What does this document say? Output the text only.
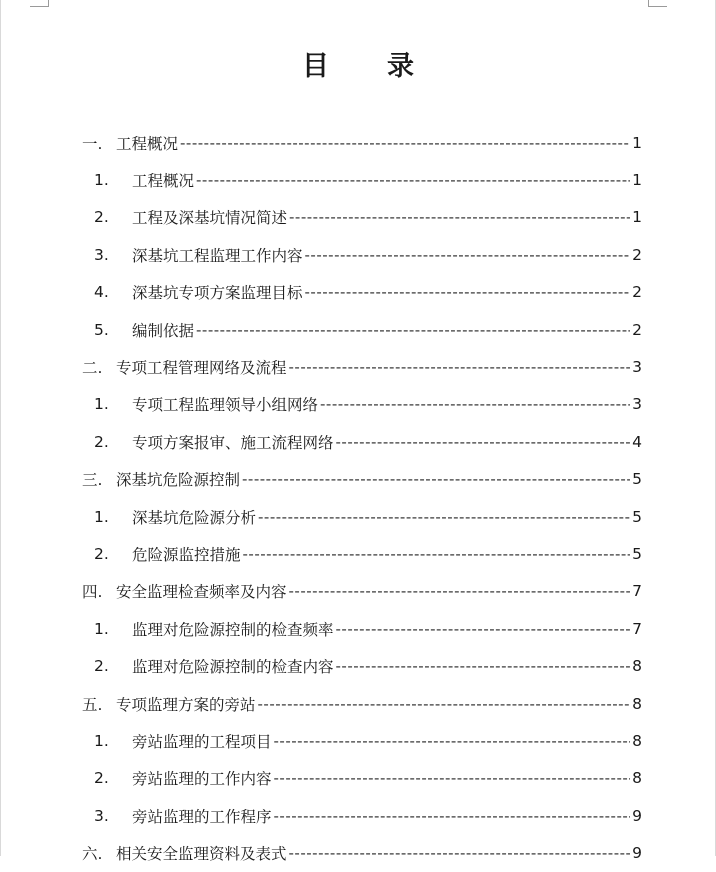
目 录
一. 工程概况 -----	1
1.	工程概况 -----	1
2.	工程及深基坑情况简述 -----	1
3.	深基坑工程监理工作内容 -----	2
4.	深基坑专项方案监理目标 -----	2
5.	编制依据 -----	2
二. 专项工程管理网络及流程 -----	3
1.	专项工程监理领导小组网络 -----	3
2.	专项方案报审、施工流程网络 -----	4
三. 深基坑危险源控制 -----	5
1.	深基坑危险源分析 -----	5
2.	危险源监控措施 -----	5
四. 安全监理检查频率及内容 -----	7
1.	监理对危险源控制的检查频率 -----	7
2.	监理对危险源控制的检查内容 -----	8
五. 专项监理方案的旁站 -----	8
1.	旁站监理的工程项目 -----	8
2.	旁站监理的工作内容 -----	8
3.	旁站监理的工作程序 -----	9
六. 相关安全监理资料及表式 -----	9
